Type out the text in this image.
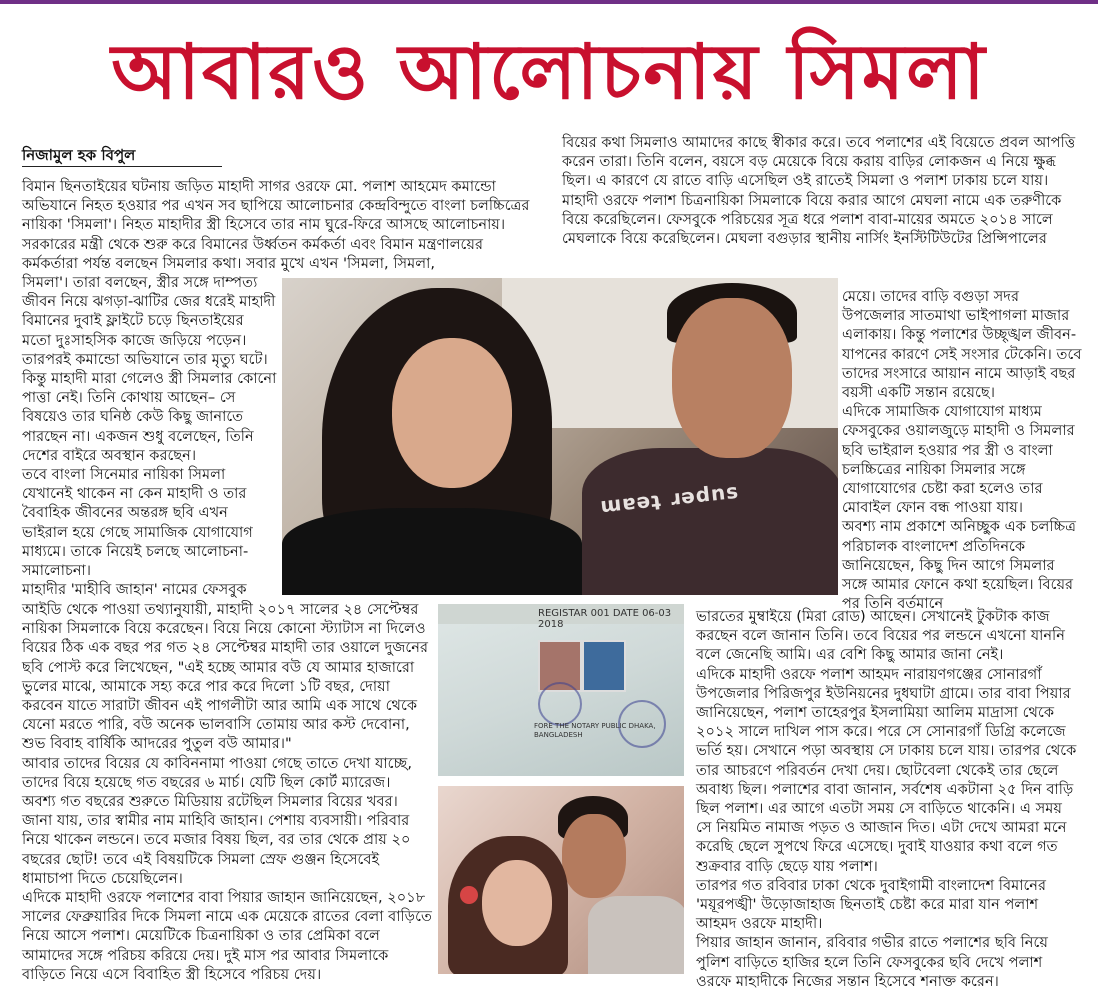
আবারও আলোচনায় সিমলা
নিজামুল হক বিপুল

বিমান ছিনতাইয়ের ঘটনায় জড়িত মাহাদী সাগর ওরফে মো. পলাশ আহমেদ কমান্ডো অভিযানে নিহত হওয়ার পর এখন সব ছাপিয়ে আলোচনার কেন্দ্রবিন্দুতে বাংলা চলচ্চিত্রের নায়িকা 'সিমলা'। নিহত মাহাদীর স্ত্রী হিসেবে তার নাম ঘুরে-ফিরে আসছে আলোচনায়। সরকারের মন্ত্রী থেকে শুরু করে বিমানের উর্ধ্বতন কর্মকর্তা এবং বিমান মন্ত্রণালয়ের কর্মকর্তারা পর্যন্ত বলছেন সিমলার কথা। সবার মুখে এখন 'সিমলা, সিমলা,

সিমলা'। তারা বলছেন, স্ত্রীর সঙ্গে দাম্পত্য জীবন নিয়ে ঝগড়া-ঝাটির জের ধরেই মাহাদী বিমানের দুবাই ফ্লাইটে চড়ে ছিনতাইয়ের মতো দুঃসাহসিক কাজে জড়িয়ে পড়েন। তারপরই কমান্ডো অভিযানে তার মৃত্যু ঘটে। কিন্তু মাহাদী মারা গেলেও স্ত্রী সিমলার কোনো পাত্তা নেই। তিনি কোথায় আছেন– সে বিষয়েও তার ঘনিষ্ঠ কেউ কিছু জানাতে পারছেন না। একজন শুধু বলেছেন, তিনি দেশের বাইরে অবস্থান করছেন।

তবে বাংলা সিনেমার নায়িকা সিমলা যেখানেই থাকেন না কেন মাহাদী ও তার বৈবাহিক জীবনের অন্তরঙ্গ ছবি এখন ভাইরাল হয়ে গেছে সামাজিক যোগাযোগ মাধ্যমে। তাকে নিয়েই চলছে আলোচনা-সমালোচনা।

মাহাদীর 'মাহীবি জাহান' নামের ফেসবুক

আইডি থেকে পাওয়া তথ্যানুযায়ী, মাহাদী ২০১৭ সালের ২৪ সেপ্টেম্বর নায়িকা সিমলাকে বিয়ে করেছেন। বিয়ে নিয়ে কোনো স্ট্যাটাস না দিলেও বিয়ের ঠিক এক বছর পর গত ২৪ সেপ্টেম্বর মাহাদী তার ওয়ালে দুজনের ছবি পোস্ট করে লিখেছেন, "এই হচ্ছে আমার বউ যে আমার হাজারো ভুলের মাঝে, আমাকে সহ্য করে পার করে দিলো ১টি বছর, দোয়া করবেন যাতে সারাটা জীবন এই পাগলীটা আর আমি এক সাথে থেকে যেনো মরতে পারি, বউ অনেক ভালবাসি তোমায় আর কস্ট দেবোনা, শুভ বিবাহ বার্ষিকি আদরের পুতুল বউ আমার।"

আবার তাদের বিয়ের যে কাবিননামা পাওয়া গেছে তাতে দেখা যাচ্ছে, তাদের বিয়ে হয়েছে গত বছরের ৬ মার্চ। যেটি ছিল কোর্ট ম্যারেজ।

অবশ্য গত বছরের শুরুতে মিডিয়ায় রটেছিল সিমলার বিয়ের খবর। জানা যায়, তার স্বামীর নাম মাহিবি জাহান। পেশায় ব্যবসায়ী। পরিবার নিয়ে থাকেন লন্ডনে। তবে মজার বিষয় ছিল, বর তার থেকে প্রায় ২০ বছরের ছোট! তবে এই বিষয়টিকে সিমলা স্রেফ গুঞ্জন হিসেবেই ধামাচাপা দিতে চেয়েছিলেন।

এদিকে মাহাদী ওরফে পলাশের বাবা পিয়ার জাহান জানিয়েছেন, ২০১৮ সালের ফেব্রুয়ারির দিকে সিমলা নামে এক মেয়েকে রাতের বেলা বাড়িতে নিয়ে আসে পলাশ। মেয়েটিকে চিত্রনায়িকা ও তার প্রেমিকা বলে আমাদের সঙ্গে পরিচয় করিয়ে দেয়। দুই মাস পর আবার সিমলাকে বাড়িতে নিয়ে এসে বিবাহিত স্ত্রী হিসেবে পরিচয় দেয়।

বিয়ের কথা সিমলাও আমাদের কাছে স্বীকার করে। তবে পলাশের এই বিয়েতে প্রবল আপত্তি করেন তারা। তিনি বলেন, বয়সে বড় মেয়েকে বিয়ে করায় বাড়ির লোকজন এ নিয়ে ক্ষুব্ধ ছিল। এ কারণে যে রাতে বাড়ি এসেছিল ওই রাতেই সিমলা ও পলাশ ঢাকায় চলে যায়।

মাহাদী ওরফে পলাশ চিত্রনায়িকা সিমলাকে বিয়ে করার আগে মেঘলা নামে এক তরুণীকে বিয়ে করেছিলেন। ফেসবুকে পরিচয়ের সূত্র ধরে পলাশ বাবা-মায়ের অমতে ২০১৪ সালে মেঘলাকে বিয়ে করেছিলেন। মেঘলা বগুড়ার স্থানীয় নার্সিং ইনস্টিটিউটের প্রিন্সিপালের

মেয়ে। তাদের বাড়ি বগুড়া সদর উপজেলার সাতমাথা ভাইপাগলা মাজার এলাকায়। কিন্তু পলাশের উচ্ছৃঙ্খল জীবন-যাপনের কারণে সেই সংসার টেকেনি। তবে তাদের সংসারে আয়ান নামে আড়াই বছর বয়সী একটি সন্তান রয়েছে।

এদিকে সামাজিক যোগাযোগ মাধ্যম ফেসবুকের ওয়ালজুড়ে মাহাদী ও সিমলার ছবি ভাইরাল হওয়ার পর স্ত্রী ও বাংলা চলচ্চিত্রের নায়িকা সিমলার সঙ্গে যোগাযোগের চেষ্টা করা হলেও তার মোবাইল ফোন বন্ধ পাওয়া যায়।

অবশ্য নাম প্রকাশে অনিচ্ছুক এক চলচ্চিত্র পরিচালক বাংলাদেশ প্রতিদিনকে জানিয়েছেন, কিছু দিন আগে সিমলার সঙ্গে আমার ফোনে কথা হয়েছিল। বিয়ের পর তিনি বর্তমানে

ভারতের মুম্বাইয়ে (মিরা রোড) আছেন। সেখানেই টুকটাক কাজ করছেন বলে জানান তিনি। তবে বিয়ের পর লন্ডনে এখনো যাননি বলে জেনেছি আমি। এর বেশি কিছু আমার জানা নেই।

এদিকে মাহাদী ওরফে পলাশ আহমদ নারায়ণগঞ্জের সোনারগাঁ উপজেলার পিরিজপুর ইউনিয়নের দুধঘাটা গ্রামে। তার বাবা পিয়ার জানিয়েছেন, পলাশ তাহেরপুর ইসলামিয়া আলিম মাদ্রাসা থেকে ২০১২ সালে দাখিল পাস করে। পরে সে সোনারগাঁ ডিগ্রি কলেজে ভর্তি হয়। সেখানে পড়া অবস্থায় সে ঢাকায় চলে যায়। তারপর থেকে তার আচরণে পরিবর্তন দেখা দেয়। ছোটবেলা থেকেই তার ছেলে অবাধ্য ছিল। পলাশের বাবা জানান, সর্বশেষ একটানা ২৫ দিন বাড়ি ছিল পলাশ। এর আগে এতটা সময় সে বাড়িতে থাকেনি। এ সময় সে নিয়মিত নামাজ পড়ত ও আজান দিত। এটা দেখে আমরা মনে করেছি ছেলে সুপথে ফিরে এসেছে। দুবাই যাওয়ার কথা বলে গত শুক্রবার বাড়ি ছেড়ে যায় পলাশ।

তারপর গত রবিবার ঢাকা থেকে দুবাইগামী বাংলাদেশ বিমানের 'ময়ূরপঙ্খী' উড়োজাহাজ ছিনতাই চেষ্টা করে মারা যান পলাশ আহমদ ওরফে মাহাদী।

পিয়ার জাহান জানান, রবিবার গভীর রাতে পলাশের ছবি নিয়ে পুলিশ বাড়িতে হাজির হলে তিনি ফেসবুকের ছবি দেখে পলাশ ওরফে মাহাদীকে নিজের সন্তান হিসেবে শনাক্ত করেন।

ɯɐǝʇ ɹǝdns
REGISTAR 001 DATE 06-03 2018
FORE THE NOTARY PUBLIC DHAKA, BANGLADESH
